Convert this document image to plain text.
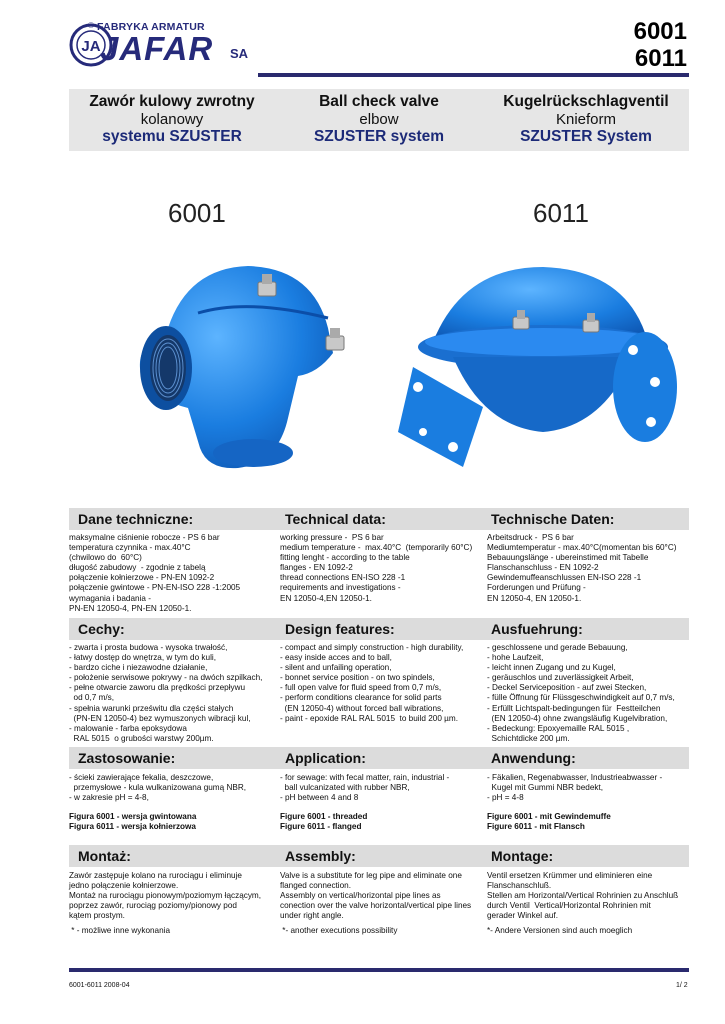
JA
® FABRYKA ARMATUR
JAFAR SA
6001
6011
Zawór kulowy zwrotny
kolanowy
systemu SZUSTER
Ball check valve
elbow
SZUSTER system
Kugelrückschlagventil
Knieform
SZUSTER System
6001	6011
Dane techniczne:	Technical data:	Technische Daten:
maksymalne ciśnienie robocze - PS 6 bar
temperatura czynnika - max.40°C
(chwilowo do  60°C)
długość zabudowy  - zgodnie z tabelą
połączenie kołnierzowe - PN-EN 1092-2
połączenie gwintowe - PN-EN-ISO 228 -1:2005
wymagania i badania -
PN-EN 12050-4, PN-EN 12050-1.
working pressure -  PS 6 bar
medium temperature -  max.40°C  (temporarily 60°C)
fitting lenght - according to the table
flanges - EN 1092-2
thread connections EN-ISO 228 -1
requirements and investigations -
EN 12050-4,EN 12050-1.
Arbeitsdruck -  PS 6 bar
Mediumtemperatur - max.40°C(momentan bis 60°C)
Bebauungslänge - ubereinstimed mit Tabelle
Flanschanschluss - EN 1092-2
Gewindemuffeanschlussen EN-ISO 228 -1
Forderungen und Prüfung -
EN 12050-4, EN 12050-1.
Cechy:	Design features:	Ausfuehrung:
- zwarta i prosta budowa - wysoka trwałość,
- łatwy dostęp do wnętrza, w tym do kuli,
- bardzo ciche i niezawodne działanie,
- położenie serwisowe pokrywy - na dwóch szpilkach,
- pełne otwarcie zaworu dla prędkości przepływu
od 0,7 m/s,
- spełnia warunki prześwitu dla części stałych
(PN-EN 12050-4) bez wymuszonych wibracji kul,
- malowanie - farba epoksydowa
RAL 5015  o grubości warstwy 200µm.
- compact and simply construction - high durability,
- easy inside acces and to ball,
- silent and unfailing operation,
- bonnet service position - on two spindels,
- full open valve for fluid speed from 0,7 m/s,
- perform conditions clearance for solid parts
(EN 12050-4) without forced ball wibrations,
- paint - epoxide RAL RAL 5015  to build 200 µm.
- geschlossene und gerade Bebauung,
- hohe Laufzeit,
- leicht innen Zugang und zu Kugel,
- geräuschlos und zuverlässigkeit Arbeit,
- Deckel Serviceposition - auf zwei Stecken,
- fülle Öffnung für Flüssgeschwindigkeit auf 0,7 m/s,
- Erfüllt Lichtspalt-bedingungen für  Festteilchen
(EN 12050-4) ohne zwangsläufig Kugelvibration,
- Bedeckung: Epoxyemaille RAL 5015 ,
Schichtdicke 200 µm.
Zastosowanie:	Application:	Anwendung:
- ścieki zawierające fekalia, deszczowe,
przemysłowe - kula wulkanizowana gumą NBR,
- w zakresie pH = 4-8,
- for sewage: with fecal matter, rain, industrial -
ball vulcanizated with rubber NBR,
- pH between 4 and 8
- Fäkalien, Regenabwasser, Industrieabwasser -
Kugel mit Gummi NBR bedekt,
- pH = 4-8
Figura 6001 - wersja gwintowana
Figura 6011 - wersja kołnierzowa
Figure 6001 - threaded
Figure 6011 - flanged
Figure 6001 - mit Gewindemuffe
Figure 6011 - mit Flansch
Montaż:	Assembly:	Montage:
Zawór zastępuje kolano na rurociągu i eliminuje
jedno połączenie kołnierzowe.
Montaż na rurociągu pionowym/poziomym łączącym,
poprzez zawór, rurociąg poziomy/pionowy pod
kątem prostym.
Valve is a substitute for leg pipe and eliminate one
flanged connection.
Assembly on vertical/horizontal pipe lines as
conection over the valve horizontal/vertical pipe lines
under right angle.
Ventil ersetzen Krümmer und eliminieren eine
Flanschanschluß.
Stellen am Horizontal/Vertical Rohrinien zu Anschluß
durch Ventil  Vertical/Horizontal Rohrinien mit
gerader Winkel auf.
* - możliwe inne wykonania	*- another executions possibility	*- Andere Versionen sind auch moeglich
6001-6011 2008-04	1/ 2
